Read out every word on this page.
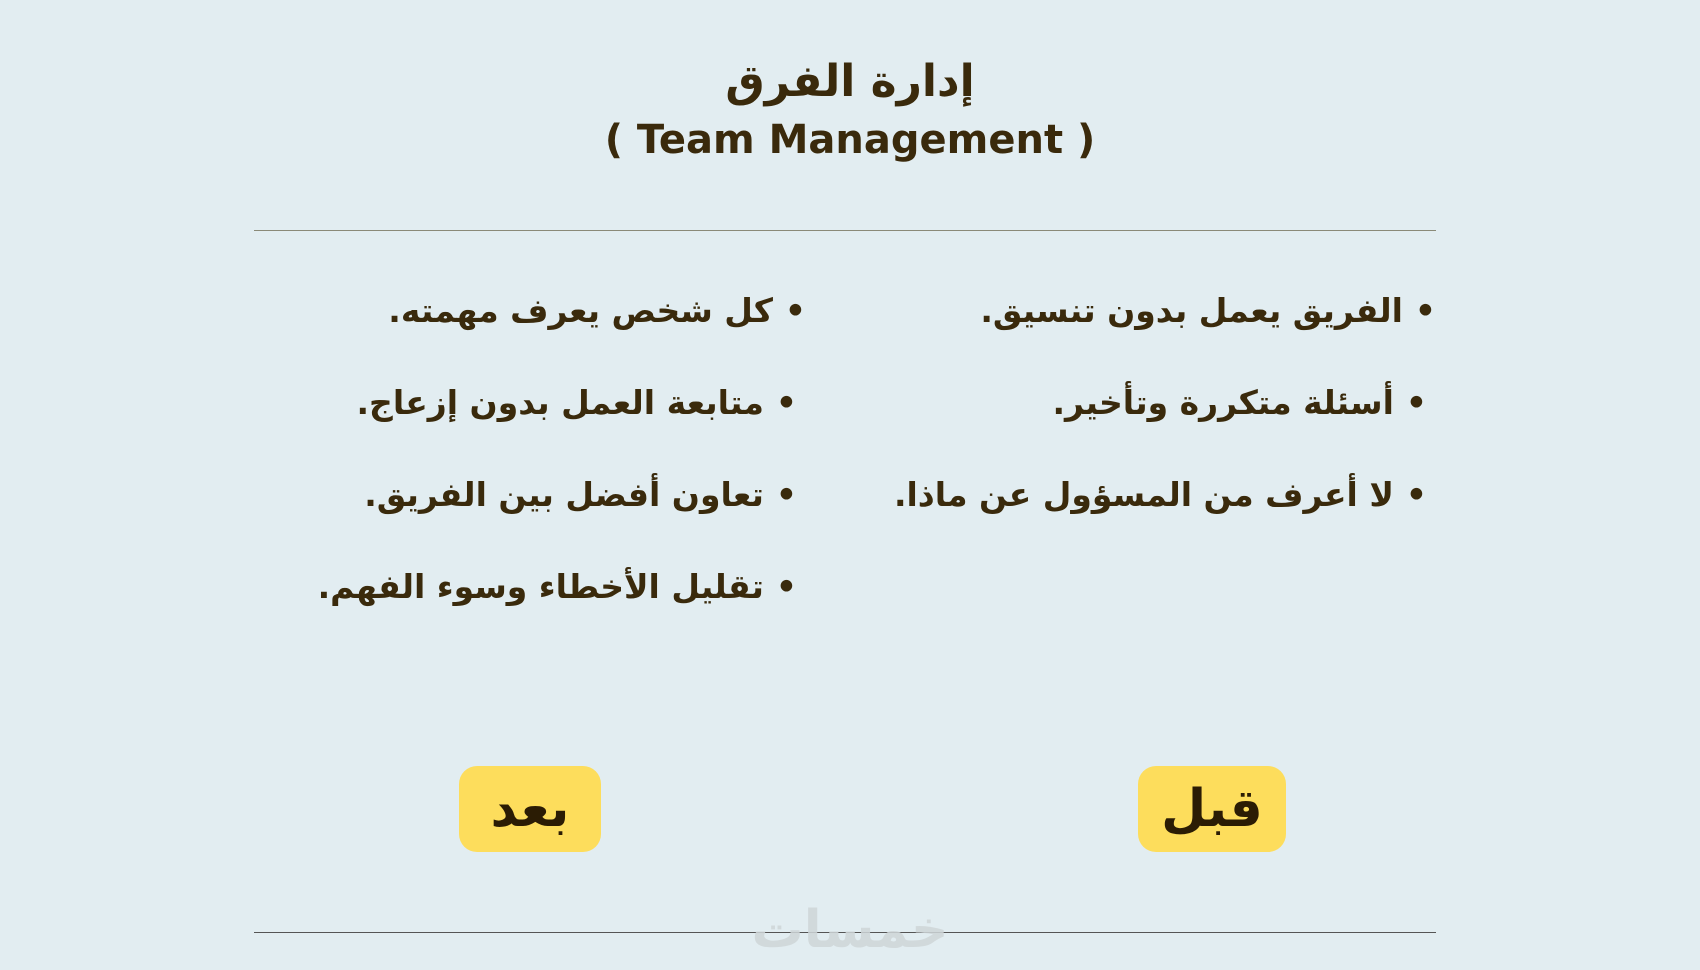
إدارة الفرق
( Team Management )
•الفريق يعمل بدون تنسيق.
•أسئلة متكررة وتأخير.
•لا أعرف من المسؤول عن ماذا.
•كل شخص يعرف مهمته.
•متابعة العمل بدون إزعاج.
•تعاون أفضل بين الفريق.
•تقليل الأخطاء وسوء الفهم.
بعد	قبل
خمسات
